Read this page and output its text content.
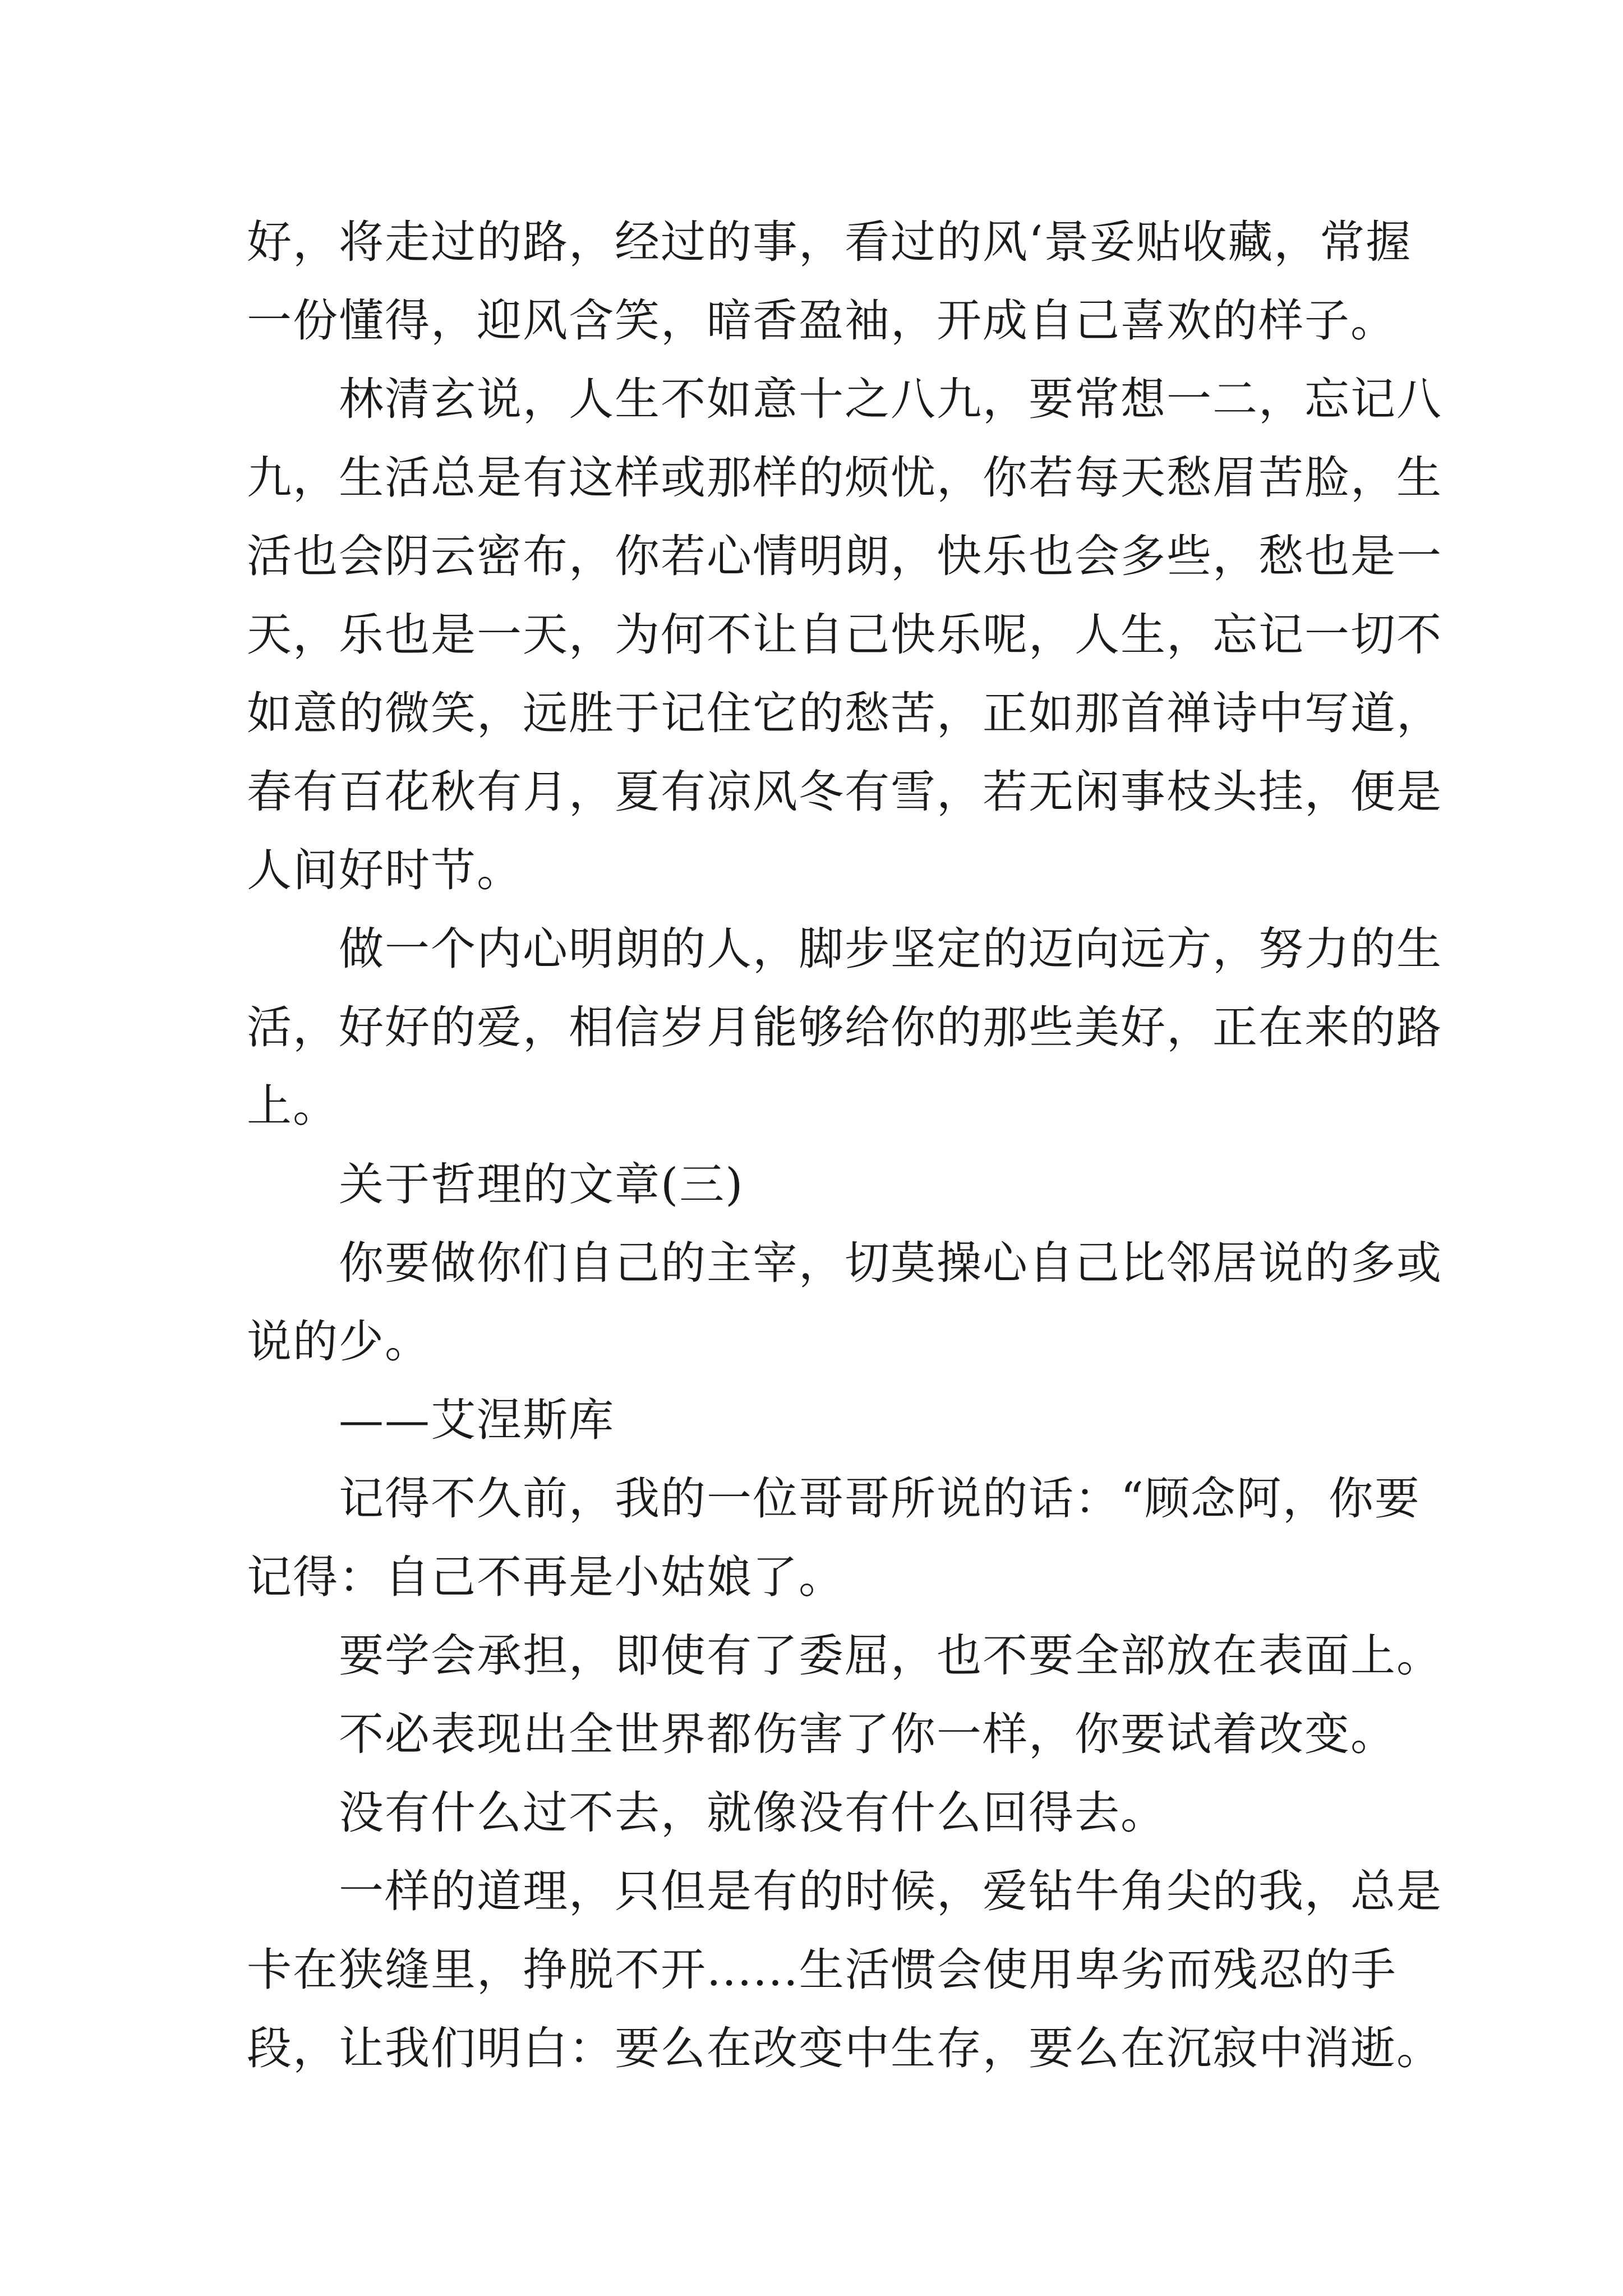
好，将走过的路，经过的事，看过的风‘景妥贴收藏，常握
一份懂得，迎风含笑，暗香盈袖，开成自己喜欢的样子。
林清玄说，人生不如意十之八九，要常想一二，忘记八
九，生活总是有这样或那样的烦忧，你若每天愁眉苦脸，生
活也会阴云密布，你若心情明朗，快乐也会多些，愁也是一
天，乐也是一天，为何不让自己快乐呢，人生，忘记一切不
如意的微笑，远胜于记住它的愁苦，正如那首禅诗中写道，
春有百花秋有月，夏有凉风冬有雪，若无闲事枝头挂，便是
人间好时节。
做一个内心明朗的人，脚步坚定的迈向远方，努力的生
活，好好的爱，相信岁月能够给你的那些美好，正在来的路
上。
关于哲理的文章(三)
你要做你们自己的主宰，切莫操心自己比邻居说的多或
说的少。
——艾涅斯库
记得不久前，我的一位哥哥所说的话：“顾念阿，你要
记得：自己不再是小姑娘了。
要学会承担，即使有了委屈，也不要全部放在表面上。
不必表现出全世界都伤害了你一样，你要试着改变。
没有什么过不去，就像没有什么回得去。
一样的道理，只但是有的时候，爱钻牛角尖的我，总是
卡在狭缝里，挣脱不开......生活惯会使用卑劣而残忍的手
段，让我们明白：要么在改变中生存，要么在沉寂中消逝。
